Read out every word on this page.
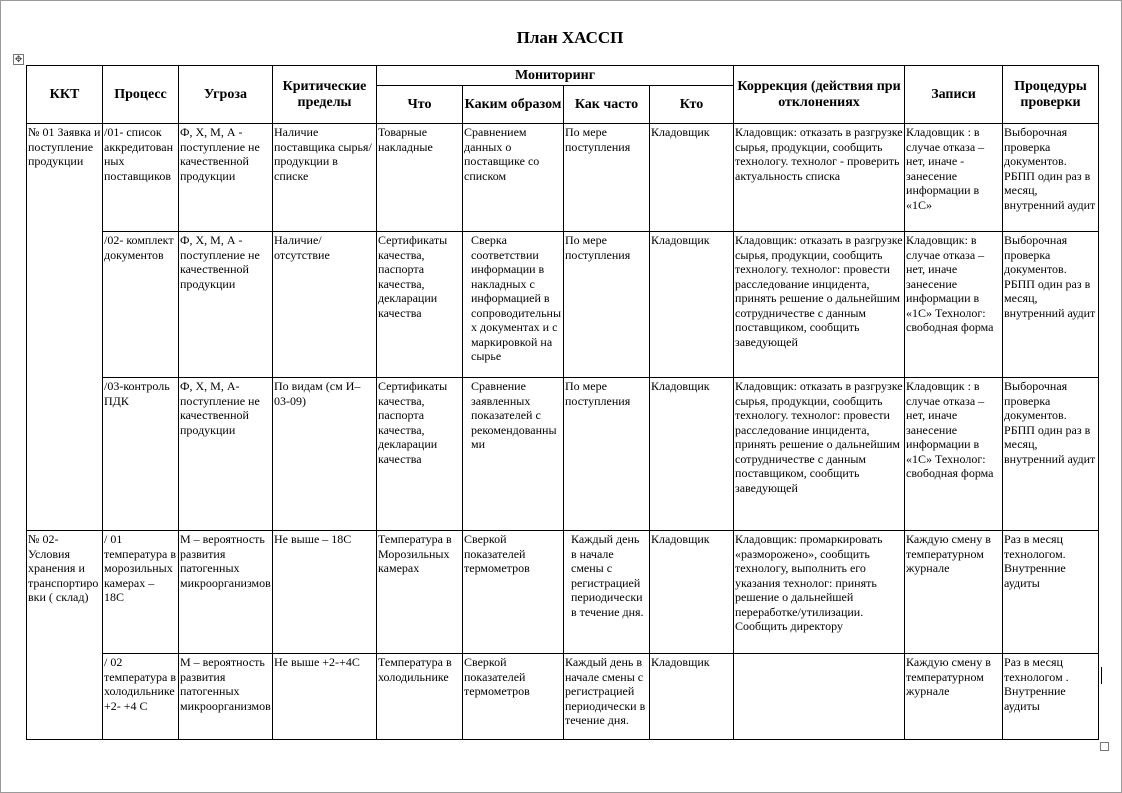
План ХАССП
✥
ККТ	Процесс	Угроза	Критические пределы	Мониторинг				Коррекция (действия при отклонениях	Записи	Процедуры проверки
				Что	Каким образом	Как часто	Кто			
№ 01 Заявка и поступление продукции	/01- список аккредитованных поставщиков	Ф, Х, М, А - поступление не качественной продукции	Наличие поставщика сырья/продукции в списке	Товарные накладные	Сравнением данных о поставщике со списком	По мере поступления	Кладовщик	Кладовщик: отказать в разгрузке сырья, продукции, сообщить технологу. технолог - проверить актуальность списка	Кладовщик : в случае отказа – нет, иначе - занесение информации в «1С»	Выборочная проверка документов. РБПП один раз в месяц, внутренний аудит
	/02- комплект документов	Ф, Х, М, А - поступление не качественной продукции	Наличие/отсутствие	Сертификаты качества, паспорта качества, декларации качества	Сверка соответствии информации в накладных с информацией в сопроводительных документах и с маркировкой на сырье	По мере поступления	Кладовщик	Кладовщик: отказать в разгрузке сырья, продукции, сообщить технологу. технолог: провести расследование инцидента, принять решение о дальнейшим сотрудничестве с данным поставщиком, сообщить заведующей	Кладовщик: в случае отказа – нет, иначе занесение информации в «1С» Технолог: свободная форма	Выборочная проверка документов. РБПП один раз в месяц, внутренний аудит
	/03-контроль ПДК	Ф, Х, М, А- поступление не качественной продукции	По видам (см И–03-09)	Сертификаты качества, паспорта качества, декларации качества	Сравнение заявленных показателей с рекомендованными	По мере поступления	Кладовщик	Кладовщик: отказать в разгрузке сырья, продукции, сообщить технологу. технолог: провести расследование инцидента, принять решение о дальнейшим сотрудничестве с данным поставщиком, сообщить заведующей	Кладовщик : в случае отказа – нет, иначе занесение информации в «1С» Технолог: свободная форма	Выборочная проверка документов. РБПП один раз в месяц, внутренний аудит
№ 02- Условия хранения и транспортировки ( склад)	/ 01 температура в морозильных камерах – 18С	М – вероятность развития патогенных микроорганизмов	Не выше – 18С	Температура в Морозильных камерах	Сверкой показателей термометров	Каждый день в начале смены с регистрацией периодически в течение дня.	Кладовщик	Кладовщик: промаркировать «разморожено», сообщить технологу, выполнить его указания технолог: принять решение о дальнейшей переработке/утилизации. Сообщить директору	Каждую смену в температурном журнале	Раз в месяц технологом. Внутренние аудиты
	/ 02 температура в холодильнике +2- +4 С	М – вероятность развития патогенных микроорганизмов	Не выше +2-+4С	Температура в холодильнике	Сверкой показателей термометров	Каждый день в начале смены с регистрацией периодически в течение дня.	Кладовщик		Каждую смену в температурном журнале	Раз в месяц технологом . Внутренние аудиты
